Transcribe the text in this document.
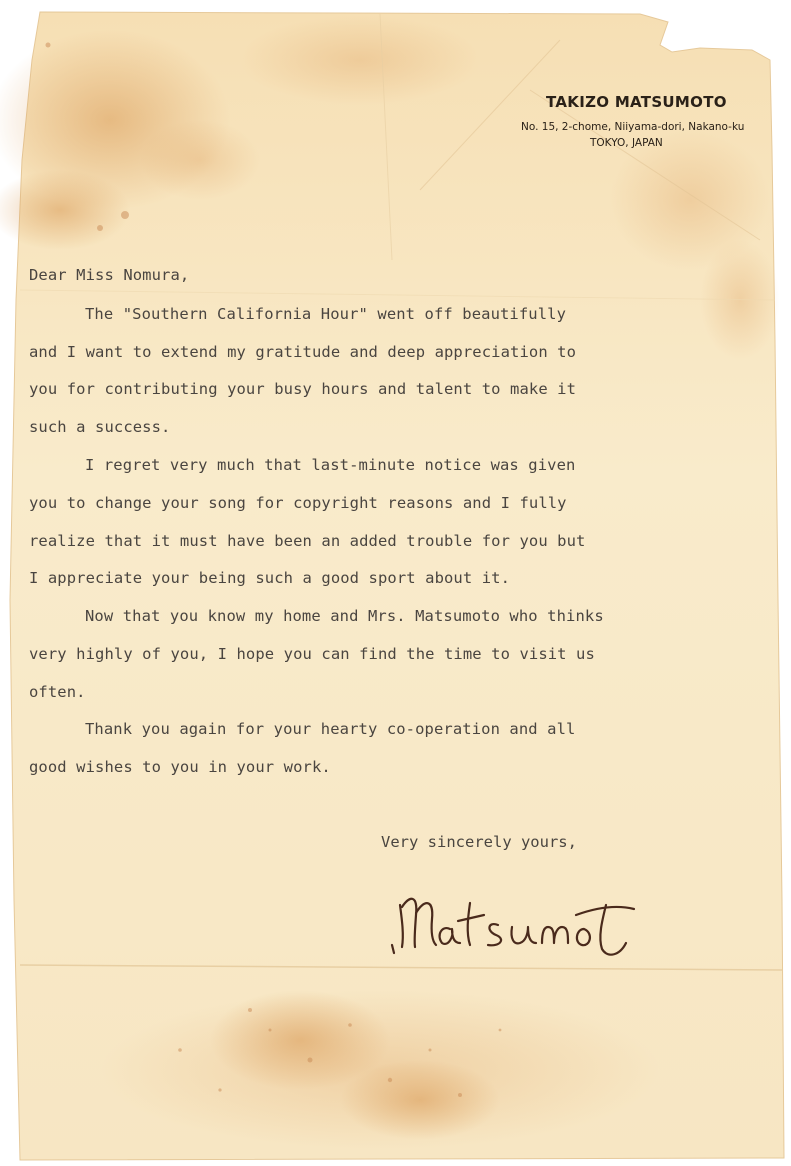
TAKIZO MATSUMOTO
No. 15, 2-chome, Niiyama-dori, Nakano-ku
TOKYO, JAPAN

Dear Miss Nomura,

The "Southern California Hour" went off beautifully

and I want to extend my gratitude and deep appreciation to

you for contributing your busy hours and talent to make it

such a success.

I regret very much that last-minute notice was given

you to change your song for copyright reasons and I fully

realize that it must have been an added trouble for you but

I appreciate your being such a good sport about it.

Now that you know my home and Mrs. Matsumoto who thinks

very highly of you, I hope you can find the time to visit us

often.

Thank you again for your hearty co-operation and all

good wishes to you in your work.

Very sincerely yours,
